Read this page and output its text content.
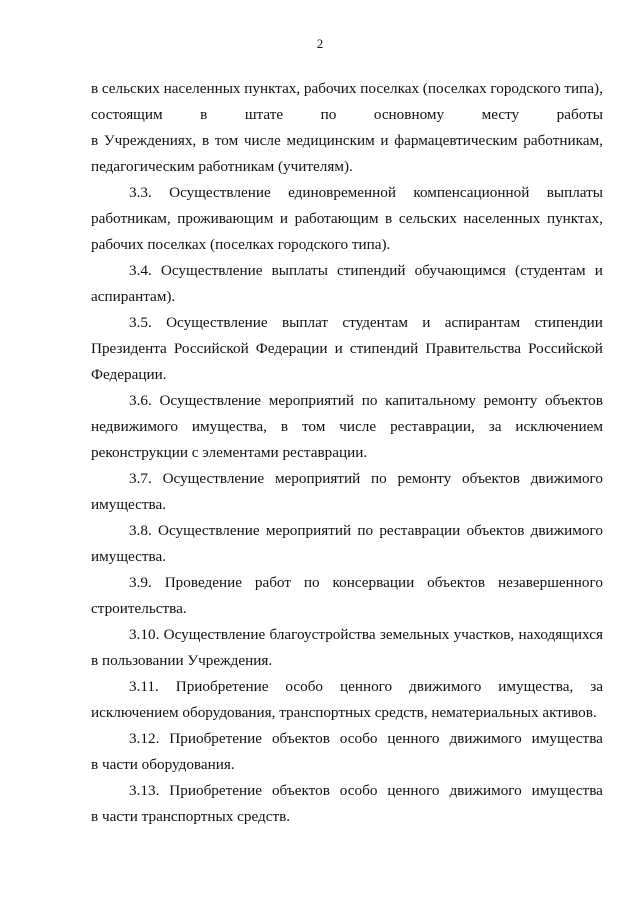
2
в сельских населенных пунктах, рабочих поселках (поселках городского типа),
состоящим в штате по основному месту работы
в Учреждениях, в том числе медицинским и фармацевтическим работникам,
педагогическим работникам (учителям).
3.3. Осуществление единовременной компенсационной выплаты
работникам, проживающим и работающим в сельских населенных пунктах,
рабочих поселках (поселках городского типа).
3.4. Осуществление выплаты стипендий обучающимся (студентам и
аспирантам).
3.5. Осуществление выплат студентам и аспирантам стипендии
Президента Российской Федерации и стипендий Правительства Российской
Федерации.
3.6. Осуществление мероприятий по капитальному ремонту объектов
недвижимого имущества, в том числе реставрации, за исключением
реконструкции с элементами реставрации.
3.7. Осуществление мероприятий по ремонту объектов движимого
имущества.
3.8. Осуществление мероприятий по реставрации объектов движимого
имущества.
3.9. Проведение работ по консервации объектов незавершенного
строительства.
3.10. Осуществление благоустройства земельных участков, находящихся
в пользовании Учреждения.
3.11. Приобретение особо ценного движимого имущества, за
исключением оборудования, транспортных средств, нематериальных активов.
3.12. Приобретение объектов особо ценного движимого имущества
в части оборудования.
3.13. Приобретение объектов особо ценного движимого имущества
в части транспортных средств.
